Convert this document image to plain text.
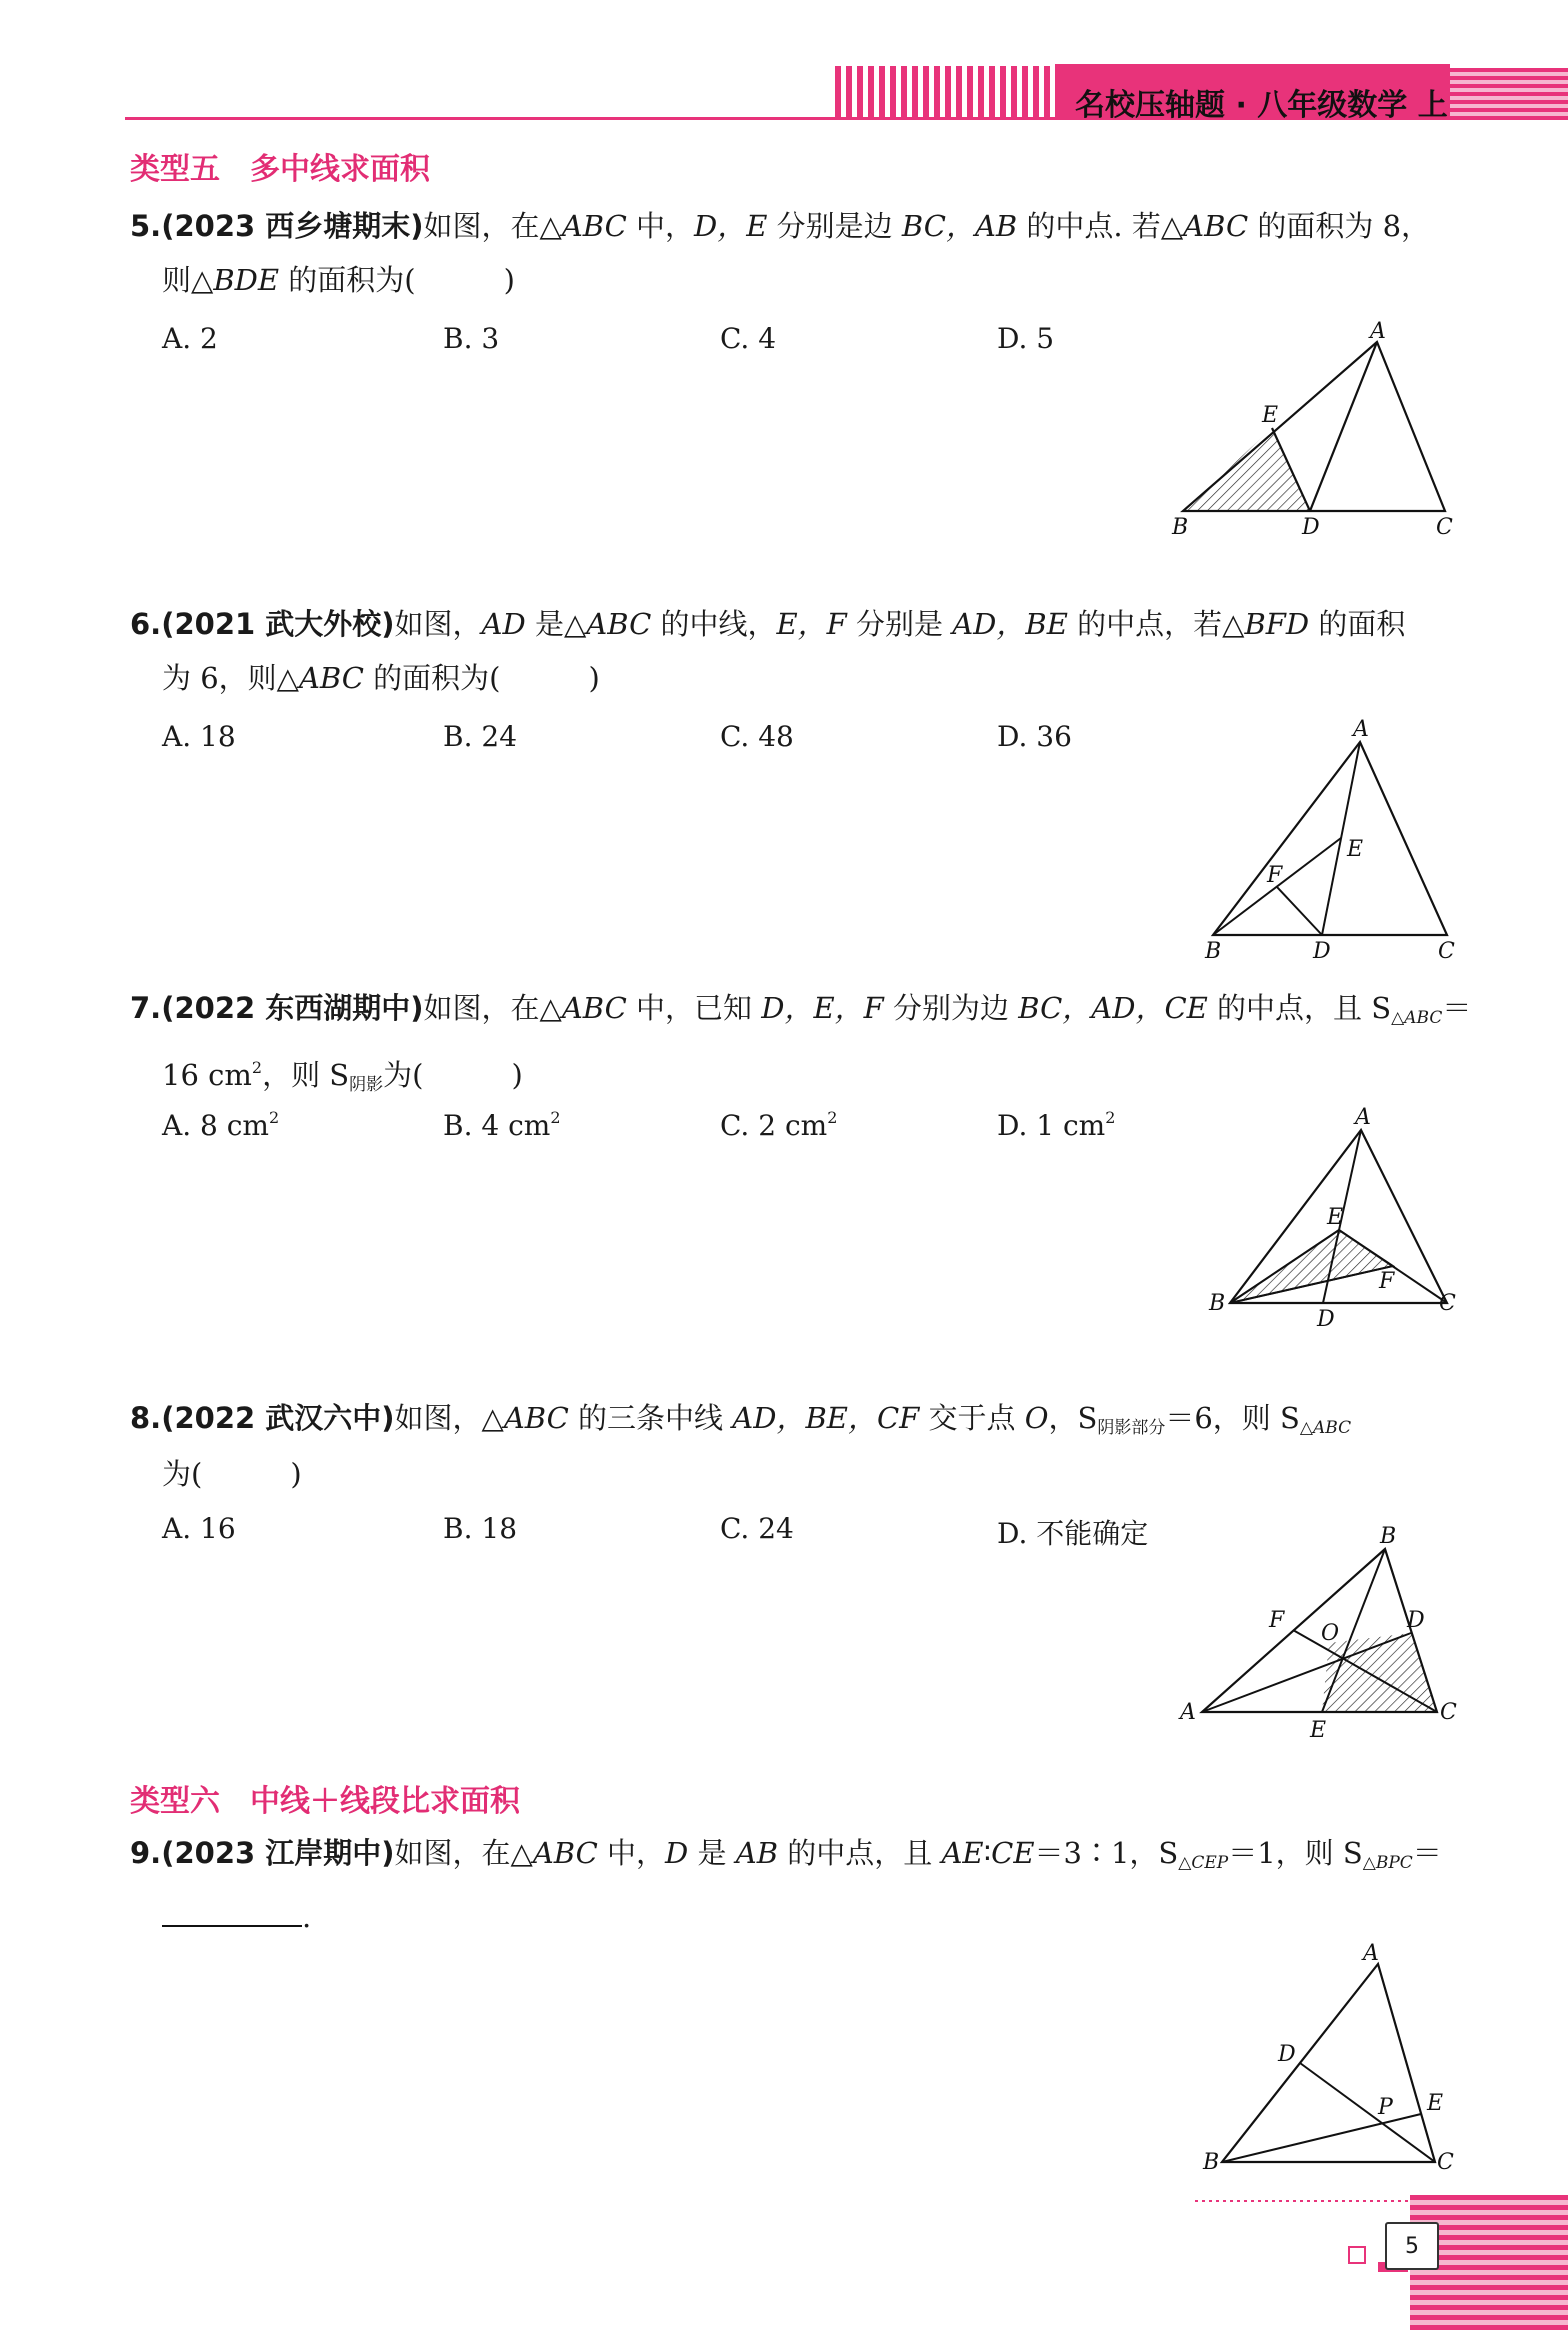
名校压轴题 · 八年级数学 上
类型五　多中线求面积
5.(2023 西乡塘期末)如图，在△ABC 中，D，E 分别是边 BC，AB 的中点. 若△ABC 的面积为 8，
则△BDE 的面积为(	)
A. 2	B. 3	C. 4	D. 5	A
E
B	D	C
6.(2021 武大外校)如图，AD 是△ABC 的中线，E，F 分别是 AD，BE 的中点，若△BFD 的面积
为 6，则△ABC 的面积为(	)
A. 18	B. 24	C. 48	D. 36	A
E
F
B	D	C
7.(2022 东西湖期中)如图，在△ABC 中，已知 D，E，F 分别为边 BC，AD，CE 的中点，且 $S_{\triangle ABC}=$
16 $cm^2$，则 $S_{阴影}$为(	)
A. 8 $cm^2$	B. 4 $cm^2$	C. 2 $cm^2$	D. 1 $cm^2$	A
E
F
B
D
C
8.(2022 武汉六中)如图，△ABC 的三条中线 AD，BE，CF 交于点 O，$S_{阴影部分}=6$，则 $S_{\triangle ABC}$
为(	)
A. 16	B. 18	C. 24	D. 不能确定	B
F
O
D
A
E
C
类型六　中线＋线段比求面积
9.(2023 江岸期中)如图，在△ABC 中，D 是 AB 的中点，且 AE∶CE＝3∶1，$S_{\triangle CEP}=1$，则 $S_{\triangle BPC}=$
.
A
D
P E
B	C
5
